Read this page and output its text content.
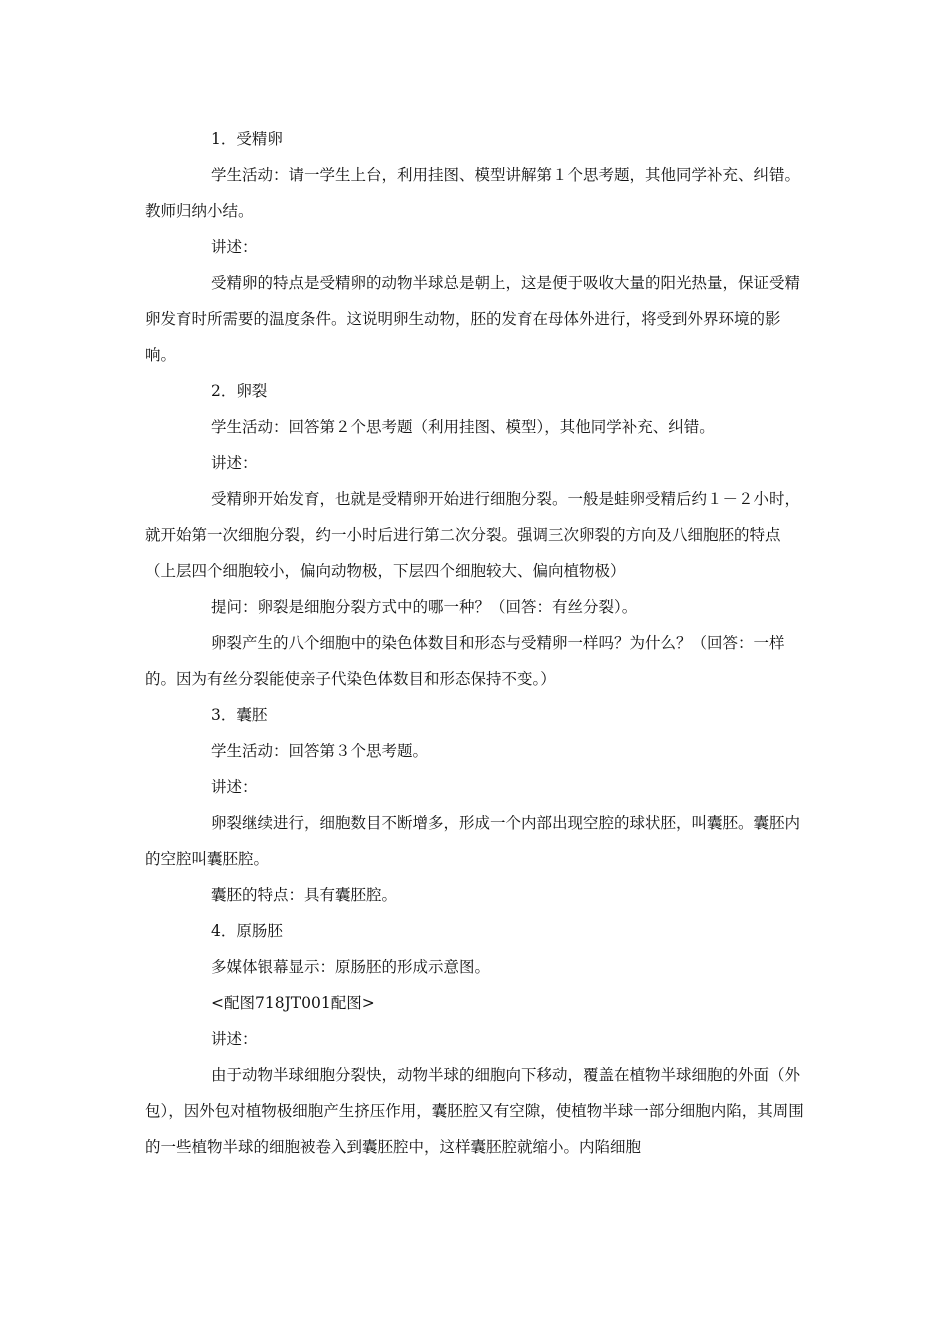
1．受精卵

学生活动：请一学生上台，利用挂图、模型讲解第１个思考题，其他同学补充、纠错。教师归纳小结。

讲述：

受精卵的特点是受精卵的动物半球总是朝上，这是便于吸收大量的阳光热量，保证受精卵发育时所需要的温度条件。这说明卵生动物，胚的发育在母体外进行，将受到外界环境的影响。

2．卵裂

学生活动：回答第２个思考题（利用挂图、模型），其他同学补充、纠错。

讲述：

受精卵开始发育，也就是受精卵开始进行细胞分裂。一般是蛙卵受精后约１－２小时，就开始第一次细胞分裂，约一小时后进行第二次分裂。强调三次卵裂的方向及八细胞胚的特点（上层四个细胞较小，偏向动物极，下层四个细胞较大、偏向植物极）

提问：卵裂是细胞分裂方式中的哪一种？（回答：有丝分裂）。

卵裂产生的八个细胞中的染色体数目和形态与受精卵一样吗？为什么？（回答：一样的。因为有丝分裂能使亲子代染色体数目和形态保持不变。）

3．囊胚

学生活动：回答第３个思考题。

讲述：

卵裂继续进行，细胞数目不断增多，形成一个内部出现空腔的球状胚，叫囊胚。囊胚内的空腔叫囊胚腔。

囊胚的特点：具有囊胚腔。

4．原肠胚

多媒体银幕显示：原肠胚的形成示意图。

<配图718JT001配图>

讲述：

由于动物半球细胞分裂快，动物半球的细胞向下移动，覆盖在植物半球细胞的外面（外包），因外包对植物极细胞产生挤压作用，囊胚腔又有空隙，使植物半球一部分细胞内陷，其周围的一些植物半球的细胞被卷入到囊胚腔中，这样囊胚腔就缩小。内陷细胞
